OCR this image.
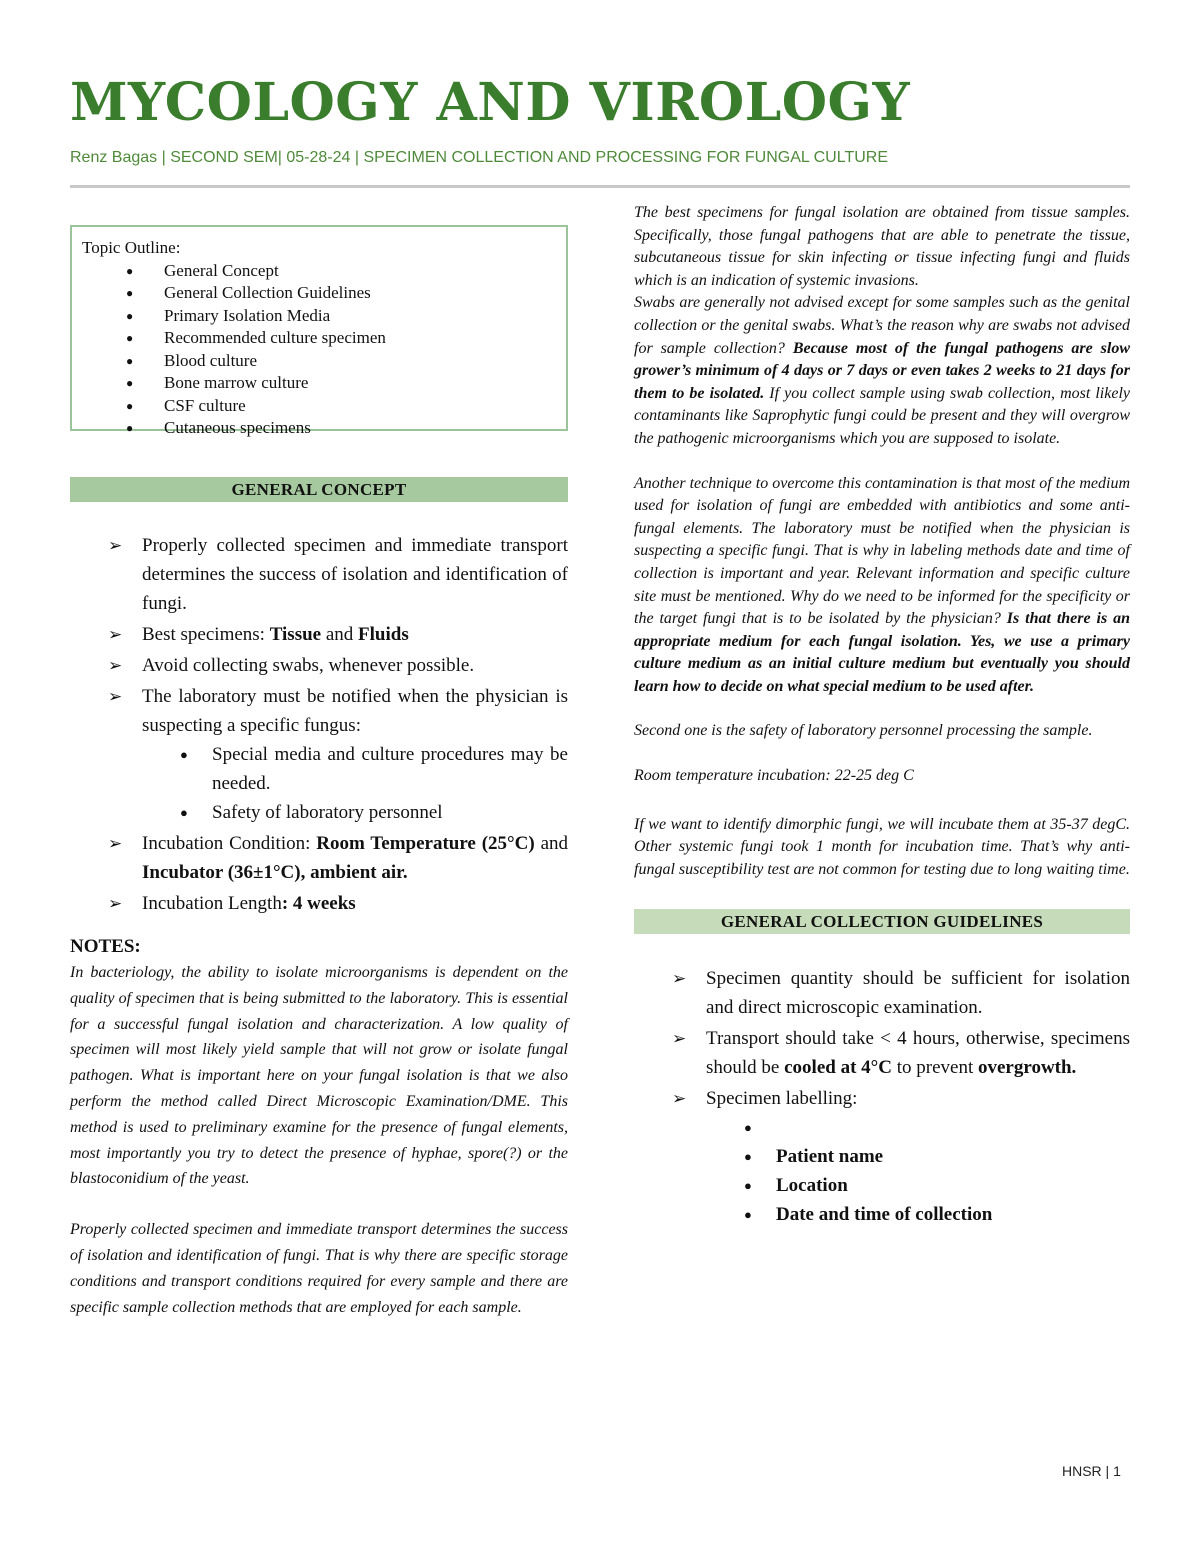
MYCOLOGY AND VIROLOGY

Renz Bagas | SECOND SEM| 05-28-24 | SPECIMEN COLLECTION AND PROCESSING FOR FUNGAL CULTURE

Topic Outline:
● General Concept
● General Collection Guidelines
● Primary Isolation Media
● Recommended culture specimen
● Blood culture
● Bone marrow culture
● CSF culture
● Cutaneous specimens
GENERAL CONCEPT
➢ Properly collected specimen and immediate transport determines the success of isolation and identification of fungi.
➢ Best specimens: Tissue and Fluids
➢ Avoid collecting swabs, whenever possible.
➢ The laboratory must be notified when the physician is suspecting a specific fungus:
● Special media and culture procedures may be needed.
● Safety of laboratory personnel
➢ Incubation Condition: Room Temperature (25°C) and Incubator (36±1°C), ambient air.
➢ Incubation Length: 4 weeks

NOTES:

In bacteriology, the ability to isolate microorganisms is dependent on the quality of specimen that is being submitted to the laboratory. This is essential for a successful fungal isolation and characterization. A low quality of specimen will most likely yield sample that will not grow or isolate fungal pathogen. What is important here on your fungal isolation is that we also perform the method called Direct Microscopic Examination/DME. This method is used to preliminary examine for the presence of fungal elements, most importantly you try to detect the presence of hyphae, spore(?) or the blastoconidium of the yeast.

Properly collected specimen and immediate transport determines the success of isolation and identification of fungi. That is why there are specific storage conditions and transport conditions required for every sample and there are specific sample collection methods that are employed for each sample.

The best specimens for fungal isolation are obtained from tissue samples. Specifically, those fungal pathogens that are able to penetrate the tissue, subcutaneous tissue for skin infecting or tissue infecting fungi and fluids which is an indication of systemic invasions.

Swabs are generally not advised except for some samples such as the genital collection or the genital swabs. What’s the reason why are swabs not advised for sample collection? Because most of the fungal pathogens are slow grower’s minimum of 4 days or 7 days or even takes 2 weeks to 21 days for them to be isolated. If you collect sample using swab collection, most likely contaminants like Saprophytic fungi could be present and they will overgrow the pathogenic microorganisms which you are supposed to isolate.

Another technique to overcome this contamination is that most of the medium used for isolation of fungi are embedded with antibiotics and some anti-fungal elements. The laboratory must be notified when the physician is suspecting a specific fungi. That is why in labeling methods date and time of collection is important and year. Relevant information and specific culture site must be mentioned. Why do we need to be informed for the specificity or the target fungi that is to be isolated by the physician? Is that there is an appropriate medium for each fungal isolation. Yes, we use a primary culture medium as an initial culture medium but eventually you should learn how to decide on what special medium to be used after.

Second one is the safety of laboratory personnel processing the sample.

Room temperature incubation: 22-25 deg C

If we want to identify dimorphic fungi, we will incubate them at 35-37 degC. Other systemic fungi took 1 month for incubation time. That’s why anti-fungal susceptibility test are not common for testing due to long waiting time.

GENERAL COLLECTION GUIDELINES
➢ Specimen quantity should be sufficient for isolation and direct microscopic examination.
➢ Transport should take < 4 hours, otherwise, specimens should be cooled at 4°C to prevent overgrowth.
➢ Specimen labelling:
●
● Patient name
● Location
● Date and time of collection
HNSR | 1
